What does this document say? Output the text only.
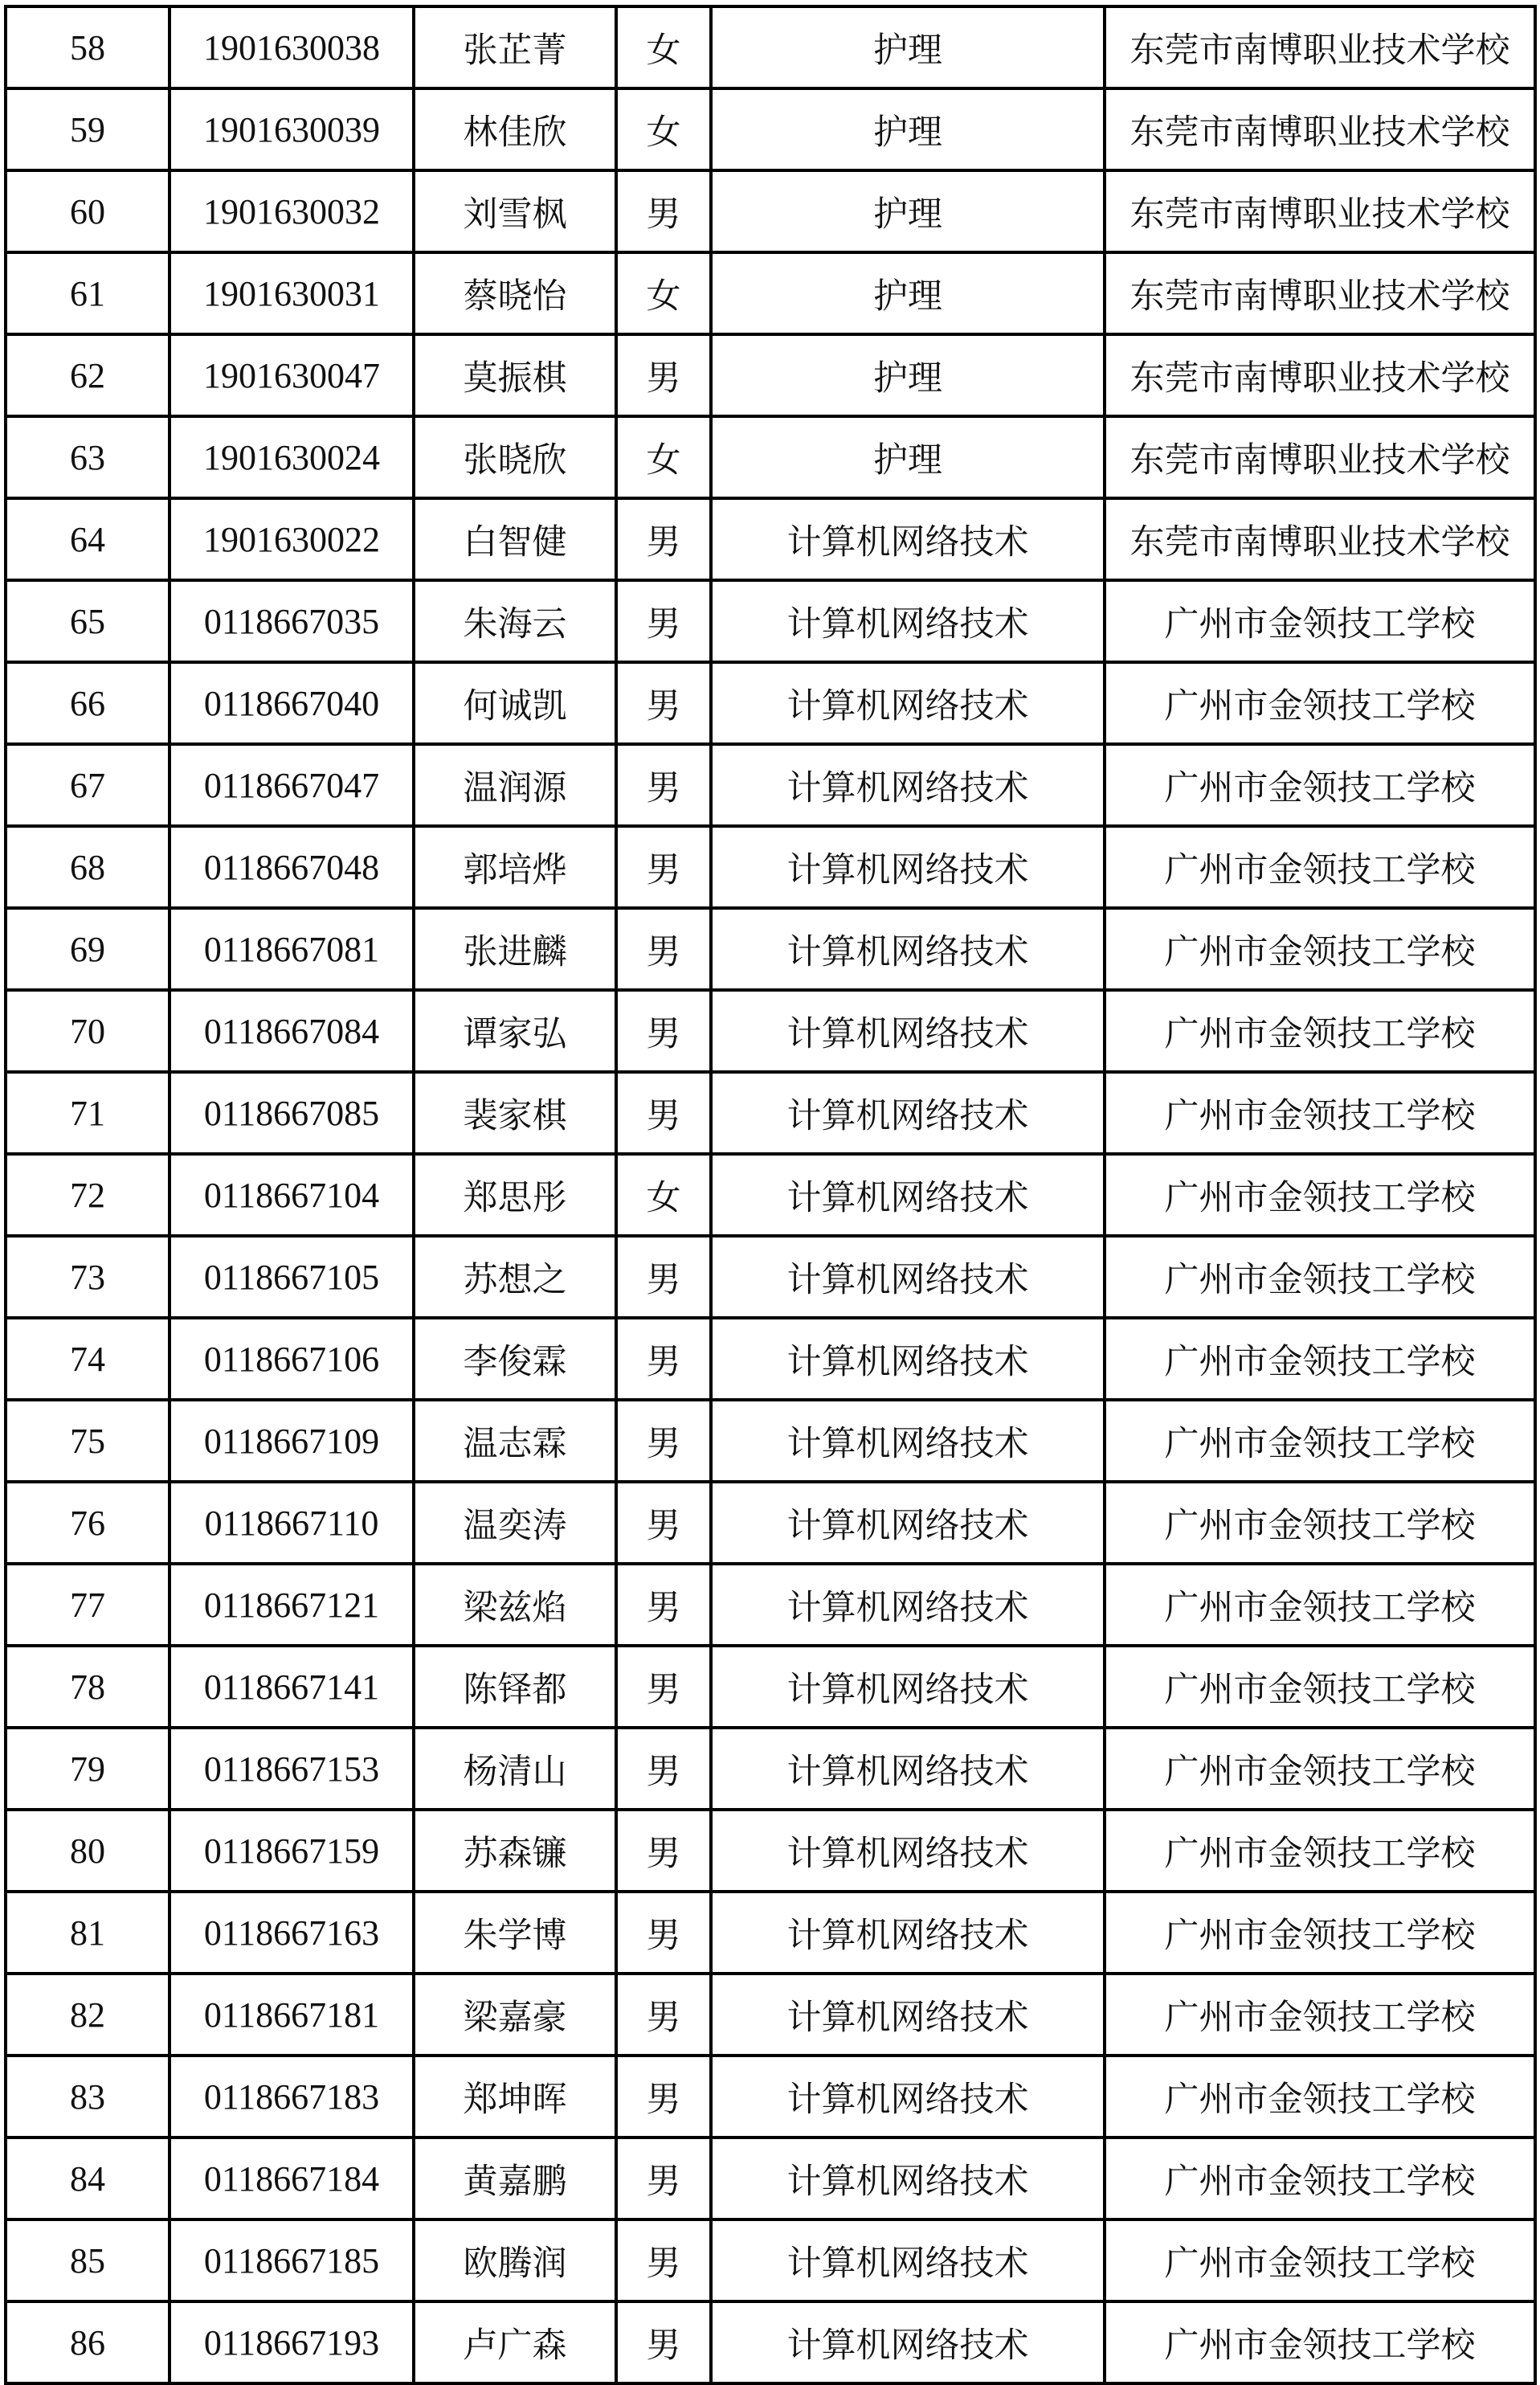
58	1901630038	张芷菁	女	护理	东莞市南博职业技术学校
59	1901630039	林佳欣	女	护理	东莞市南博职业技术学校
60	1901630032	刘雪枫	男	护理	东莞市南博职业技术学校
61	1901630031	蔡晓怡	女	护理	东莞市南博职业技术学校
62	1901630047	莫振棋	男	护理	东莞市南博职业技术学校
63	1901630024	张晓欣	女	护理	东莞市南博职业技术学校
64	1901630022	白智健	男	计算机网络技术	东莞市南博职业技术学校
65	0118667035	朱海云	男	计算机网络技术	广州市金领技工学校
66	0118667040	何诚凯	男	计算机网络技术	广州市金领技工学校
67	0118667047	温润源	男	计算机网络技术	广州市金领技工学校
68	0118667048	郭培烨	男	计算机网络技术	广州市金领技工学校
69	0118667081	张进麟	男	计算机网络技术	广州市金领技工学校
70	0118667084	谭家弘	男	计算机网络技术	广州市金领技工学校
71	0118667085	裴家棋	男	计算机网络技术	广州市金领技工学校
72	0118667104	郑思彤	女	计算机网络技术	广州市金领技工学校
73	0118667105	苏想之	男	计算机网络技术	广州市金领技工学校
74	0118667106	李俊霖	男	计算机网络技术	广州市金领技工学校
75	0118667109	温志霖	男	计算机网络技术	广州市金领技工学校
76	0118667110	温奕涛	男	计算机网络技术	广州市金领技工学校
77	0118667121	梁兹焰	男	计算机网络技术	广州市金领技工学校
78	0118667141	陈铎都	男	计算机网络技术	广州市金领技工学校
79	0118667153	杨清山	男	计算机网络技术	广州市金领技工学校
80	0118667159	苏森镰	男	计算机网络技术	广州市金领技工学校
81	0118667163	朱学博	男	计算机网络技术	广州市金领技工学校
82	0118667181	梁嘉豪	男	计算机网络技术	广州市金领技工学校
83	0118667183	郑坤晖	男	计算机网络技术	广州市金领技工学校
84	0118667184	黄嘉鹏	男	计算机网络技术	广州市金领技工学校
85	0118667185	欧腾润	男	计算机网络技术	广州市金领技工学校
86	0118667193	卢广森	男	计算机网络技术	广州市金领技工学校
